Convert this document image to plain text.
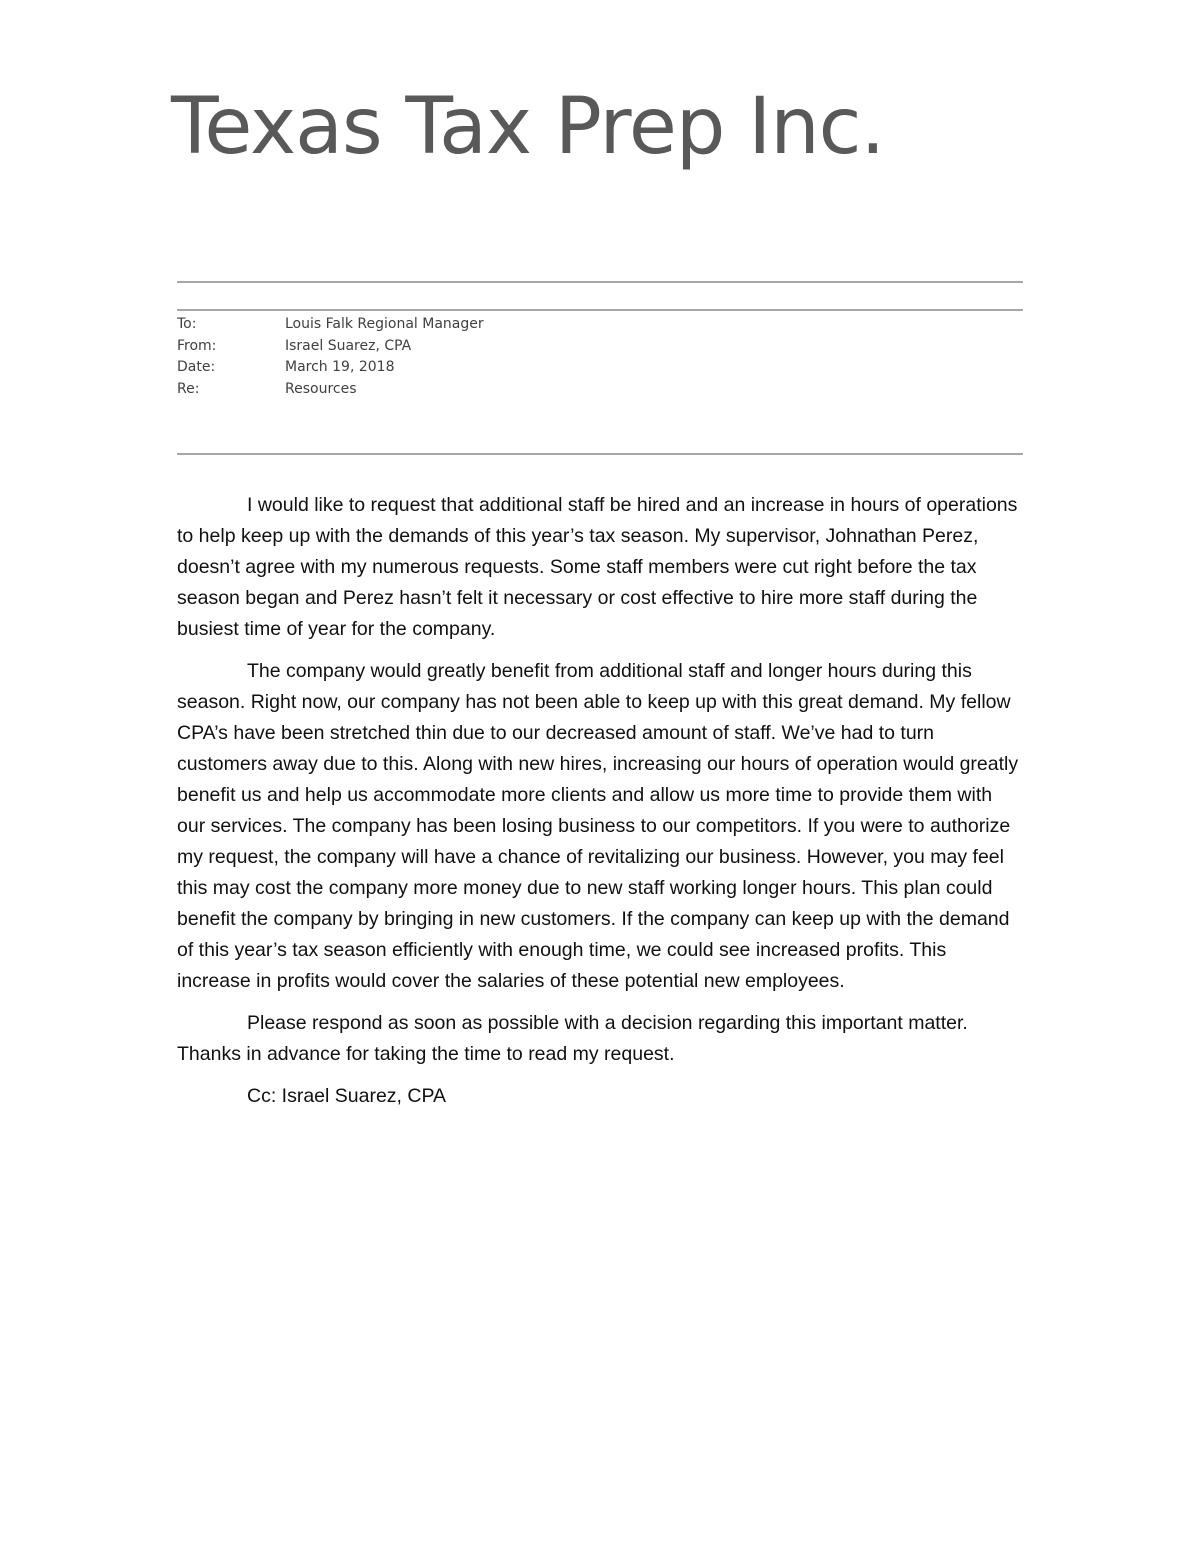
Texas Tax Prep Inc.
To:	Louis Falk Regional Manager
From:	Israel Suarez, CPA
Date:	March 19, 2018
Re:	Resources

I would like to request that additional staff be hired and an increase in hours of operations to help keep up with the demands of this year’s tax season. My supervisor, Johnathan Perez, doesn’t agree with my numerous requests. Some staff members were cut right before the tax season began and Perez hasn’t felt it necessary or cost effective to hire more staff during the busiest time of year for the company.

The company would greatly benefit from additional staff and longer hours during this season. Right now, our company has not been able to keep up with this great demand. My fellow CPA’s have been stretched thin due to our decreased amount of staff. We’ve had to turn customers away due to this. Along with new hires, increasing our hours of operation would greatly benefit us and help us accommodate more clients and allow us more time to provide them with our services. The company has been losing business to our competitors. If you were to authorize my request, the company will have a chance of revitalizing our business. However, you may feel this may cost the company more money due to new staff working longer hours. This plan could benefit the company by bringing in new customers. If the company can keep up with the demand of this year’s tax season efficiently with enough time, we could see increased profits. This increase in profits would cover the salaries of these potential new employees.

Please respond as soon as possible with a decision regarding this important matter. Thanks in advance for taking the time to read my request.

Cc: Israel Suarez, CPA
